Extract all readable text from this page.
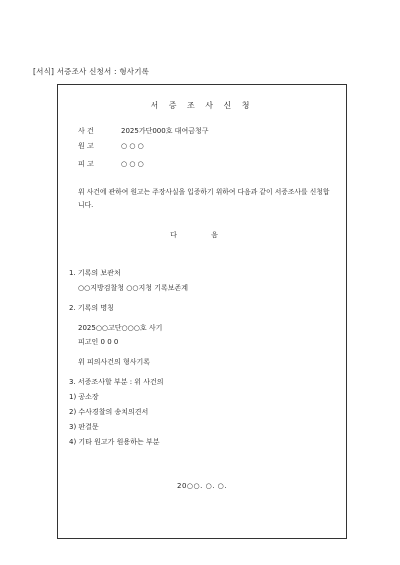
[서식] 서증조사 신청서 : 형사기록
서 증 조 사 신 청
사 건	2025가단000호 대여금청구
원 고	○ ○ ○
피 고	○ ○ ○
위 사건에 관하여 원고는 주장사실을 입증하기 위하여 다음과 같이 서증조사를 신청합니다.
다 음
1. 기록의 보관처
○○지방검찰청 ○○지청 기록보존계
2. 기록의 명칭
2025○○고단○○○호 사기
피고인 0 0 0
위 피의사건의 형사기록
3. 서증조사할 부분 : 위 사건의
1) 공소장
2) 수사경찰의 송치의견서
3) 판결문
4) 기타 원고가 원용하는 부분
20○○. ○. ○.
